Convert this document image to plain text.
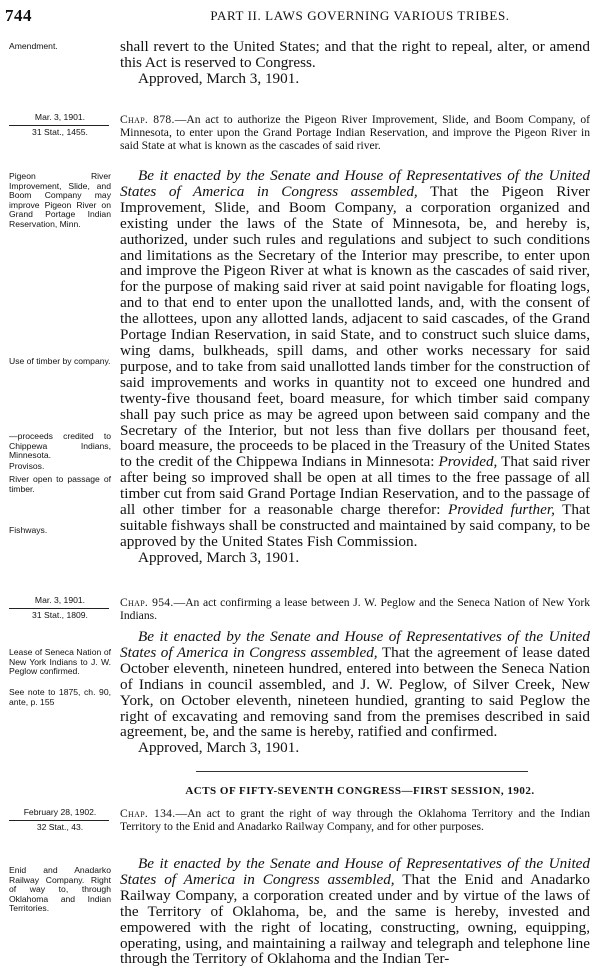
744	PART II. LAWS GOVERNING VARIOUS TRIBES.
Amendment.	shall revert to the United States; and that the right to repeal, alter, or amend this Act is reserved to Congress.

Approved, March 3, 1901.

Mar. 3, 1901.
31 Stat., 1455.
Chap. 878.—An act to authorize the Pigeon River Improvement, Slide, and Boom Company, of Minnesota, to enter upon the Grand Portage Indian Reservation, and improve the Pigeon River in said State at what is known as the cascades of said river.
Pigeon River Improvement, Slide, and Boom Company may improve Pigeon River on Grand Portage Indian Reservation, Minn.
Use of timber by company.
—proceeds credited to Chippewa Indians, Minnesota.
Provisos.
River open to passage of timber.
Fishways.

Be it enacted by the Senate and House of Representatives of the United States of America in Congress assembled, That the Pigeon River Improvement, Slide, and Boom Company, a corporation organized and existing under the laws of the State of Minnesota, be, and hereby is, authorized, under such rules and regulations and subject to such conditions and limitations as the Secretary of the Interior may prescribe, to enter upon and improve the Pigeon River at what is known as the cascades of said river, for the purpose of making said river at said point navigable for floating logs, and to that end to enter upon the unallotted lands, and, with the consent of the allottees, upon any allotted lands, adjacent to said cascades, of the Grand Portage Indian Reservation, in said State, and to construct such sluice dams, wing dams, bulkheads, spill dams, and other works necessary for said purpose, and to take from said unallotted lands timber for the construction of said improvements and works in quantity not to exceed one hundred and twenty-five thousand feet, board measure, for which timber said company shall pay such price as may be agreed upon between said company and the Secretary of the Interior, but not less than five dollars per thousand feet, board measure, the proceeds to be placed in the Treasury of the United States to the credit of the Chippewa Indians in Minnesota: Provided, That said river after being so improved shall be open at all times to the free passage of all timber cut from said Grand Portage Indian Reservation, and to the passage of all other timber for a reasonable charge therefor: Provided further, That suitable fishways shall be constructed and maintained by said company, to be approved by the United States Fish Commission.

Approved, March 3, 1901.

Mar. 3, 1901.
31 Stat., 1809.
Chap. 954.—An act confirming a lease between J. W. Peglow and the Seneca Nation of New York Indians.
Lease of Seneca Nation of New York Indians to J. W. Peglow confirmed.
See note to 1875, ch. 90, ante, p. 155

Be it enacted by the Senate and House of Representatives of the United States of America in Congress assembled, That the agreement of lease dated October eleventh, nineteen hundred, entered into between the Seneca Nation of Indians in council assembled, and J. W. Peglow, of Silver Creek, New York, on October eleventh, nineteen hundied, granting to said Peglow the right of excavating and removing sand from the premises described in said agreement, be, and the same is hereby, ratified and confirmed.

Approved, March 3, 1901.

ACTS OF FIFTY-SEVENTH CONGRESS—FIRST SESSION, 1902.
February 28, 1902.
32 Stat., 43.
Chap. 134.—An act to grant the right of way through the Oklahoma Territory and the Indian Territory to the Enid and Anadarko Railway Company, and for other purposes.
Enid and Anadarko Railway Company. Right of way to, through Oklahoma and Indian Territories.

Be it enacted by the Senate and House of Representatives of the United States of America in Congress assembled, That the Enid and Anadarko Railway Company, a corporation created under and by virtue of the laws of the Territory of Oklahoma, be, and the same is hereby, invested and empowered with the right of locating, constructing, owning, equipping, operating, using, and maintaining a railway and telegraph and telephone line through the Territory of Oklahoma and the Indian Ter-
